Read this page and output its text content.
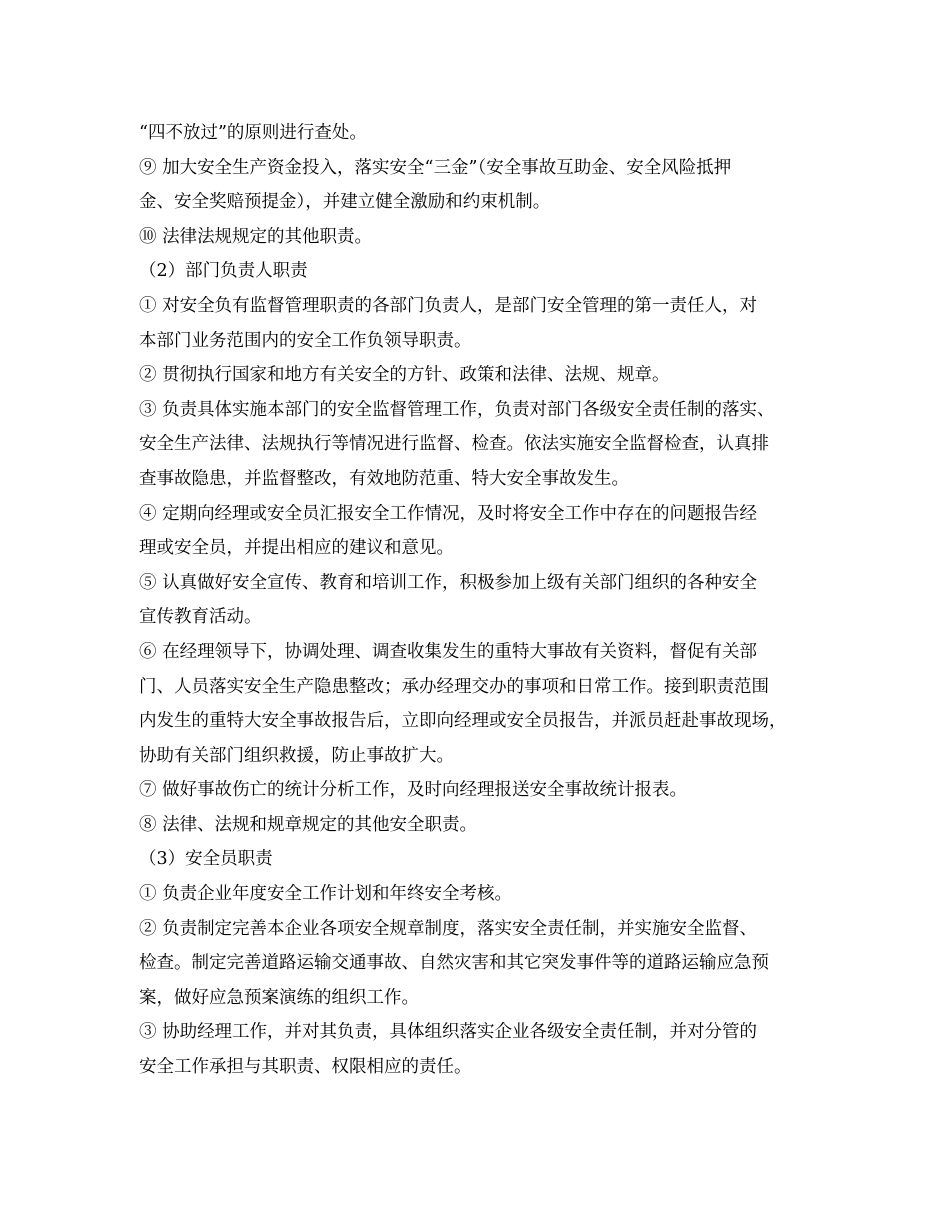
“四不放过”的原则进行查处。
⑨ 加大安全生产资金投入，落实安全“三金”（安全事故互助金、安全风险抵押
金、安全奖赔预提金），并建立健全激励和约束机制。
⑩ 法律法规规定的其他职责。
（2）部门负责人职责
① 对安全负有监督管理职责的各部门负责人，是部门安全管理的第一责任人，对
本部门业务范围内的安全工作负领导职责。
② 贯彻执行国家和地方有关安全的方针、政策和法律、法规、规章。
③ 负责具体实施本部门的安全监督管理工作，负责对部门各级安全责任制的落实、
安全生产法律、法规执行等情况进行监督、检查。依法实施安全监督检查，认真排
查事故隐患，并监督整改，有效地防范重、特大安全事故发生。
④ 定期向经理或安全员汇报安全工作情况，及时将安全工作中存在的问题报告经
理或安全员，并提出相应的建议和意见。
⑤ 认真做好安全宣传、教育和培训工作，积极参加上级有关部门组织的各种安全
宣传教育活动。
⑥ 在经理领导下，协调处理、调查收集发生的重特大事故有关资料，督促有关部
门、人员落实安全生产隐患整改；承办经理交办的事项和日常工作。接到职责范围
内发生的重特大安全事故报告后，立即向经理或安全员报告，并派员赶赴事故现场，
协助有关部门组织救援，防止事故扩大。
⑦ 做好事故伤亡的统计分析工作，及时向经理报送安全事故统计报表。
⑧ 法律、法规和规章规定的其他安全职责。
（3）安全员职责
① 负责企业年度安全工作计划和年终安全考核。
② 负责制定完善本企业各项安全规章制度，落实安全责任制，并实施安全监督、
检查。制定完善道路运输交通事故、自然灾害和其它突发事件等的道路运输应急预
案，做好应急预案演练的组织工作。
③ 协助经理工作，并对其负责，具体组织落实企业各级安全责任制，并对分管的
安全工作承担与其职责、权限相应的责任。
